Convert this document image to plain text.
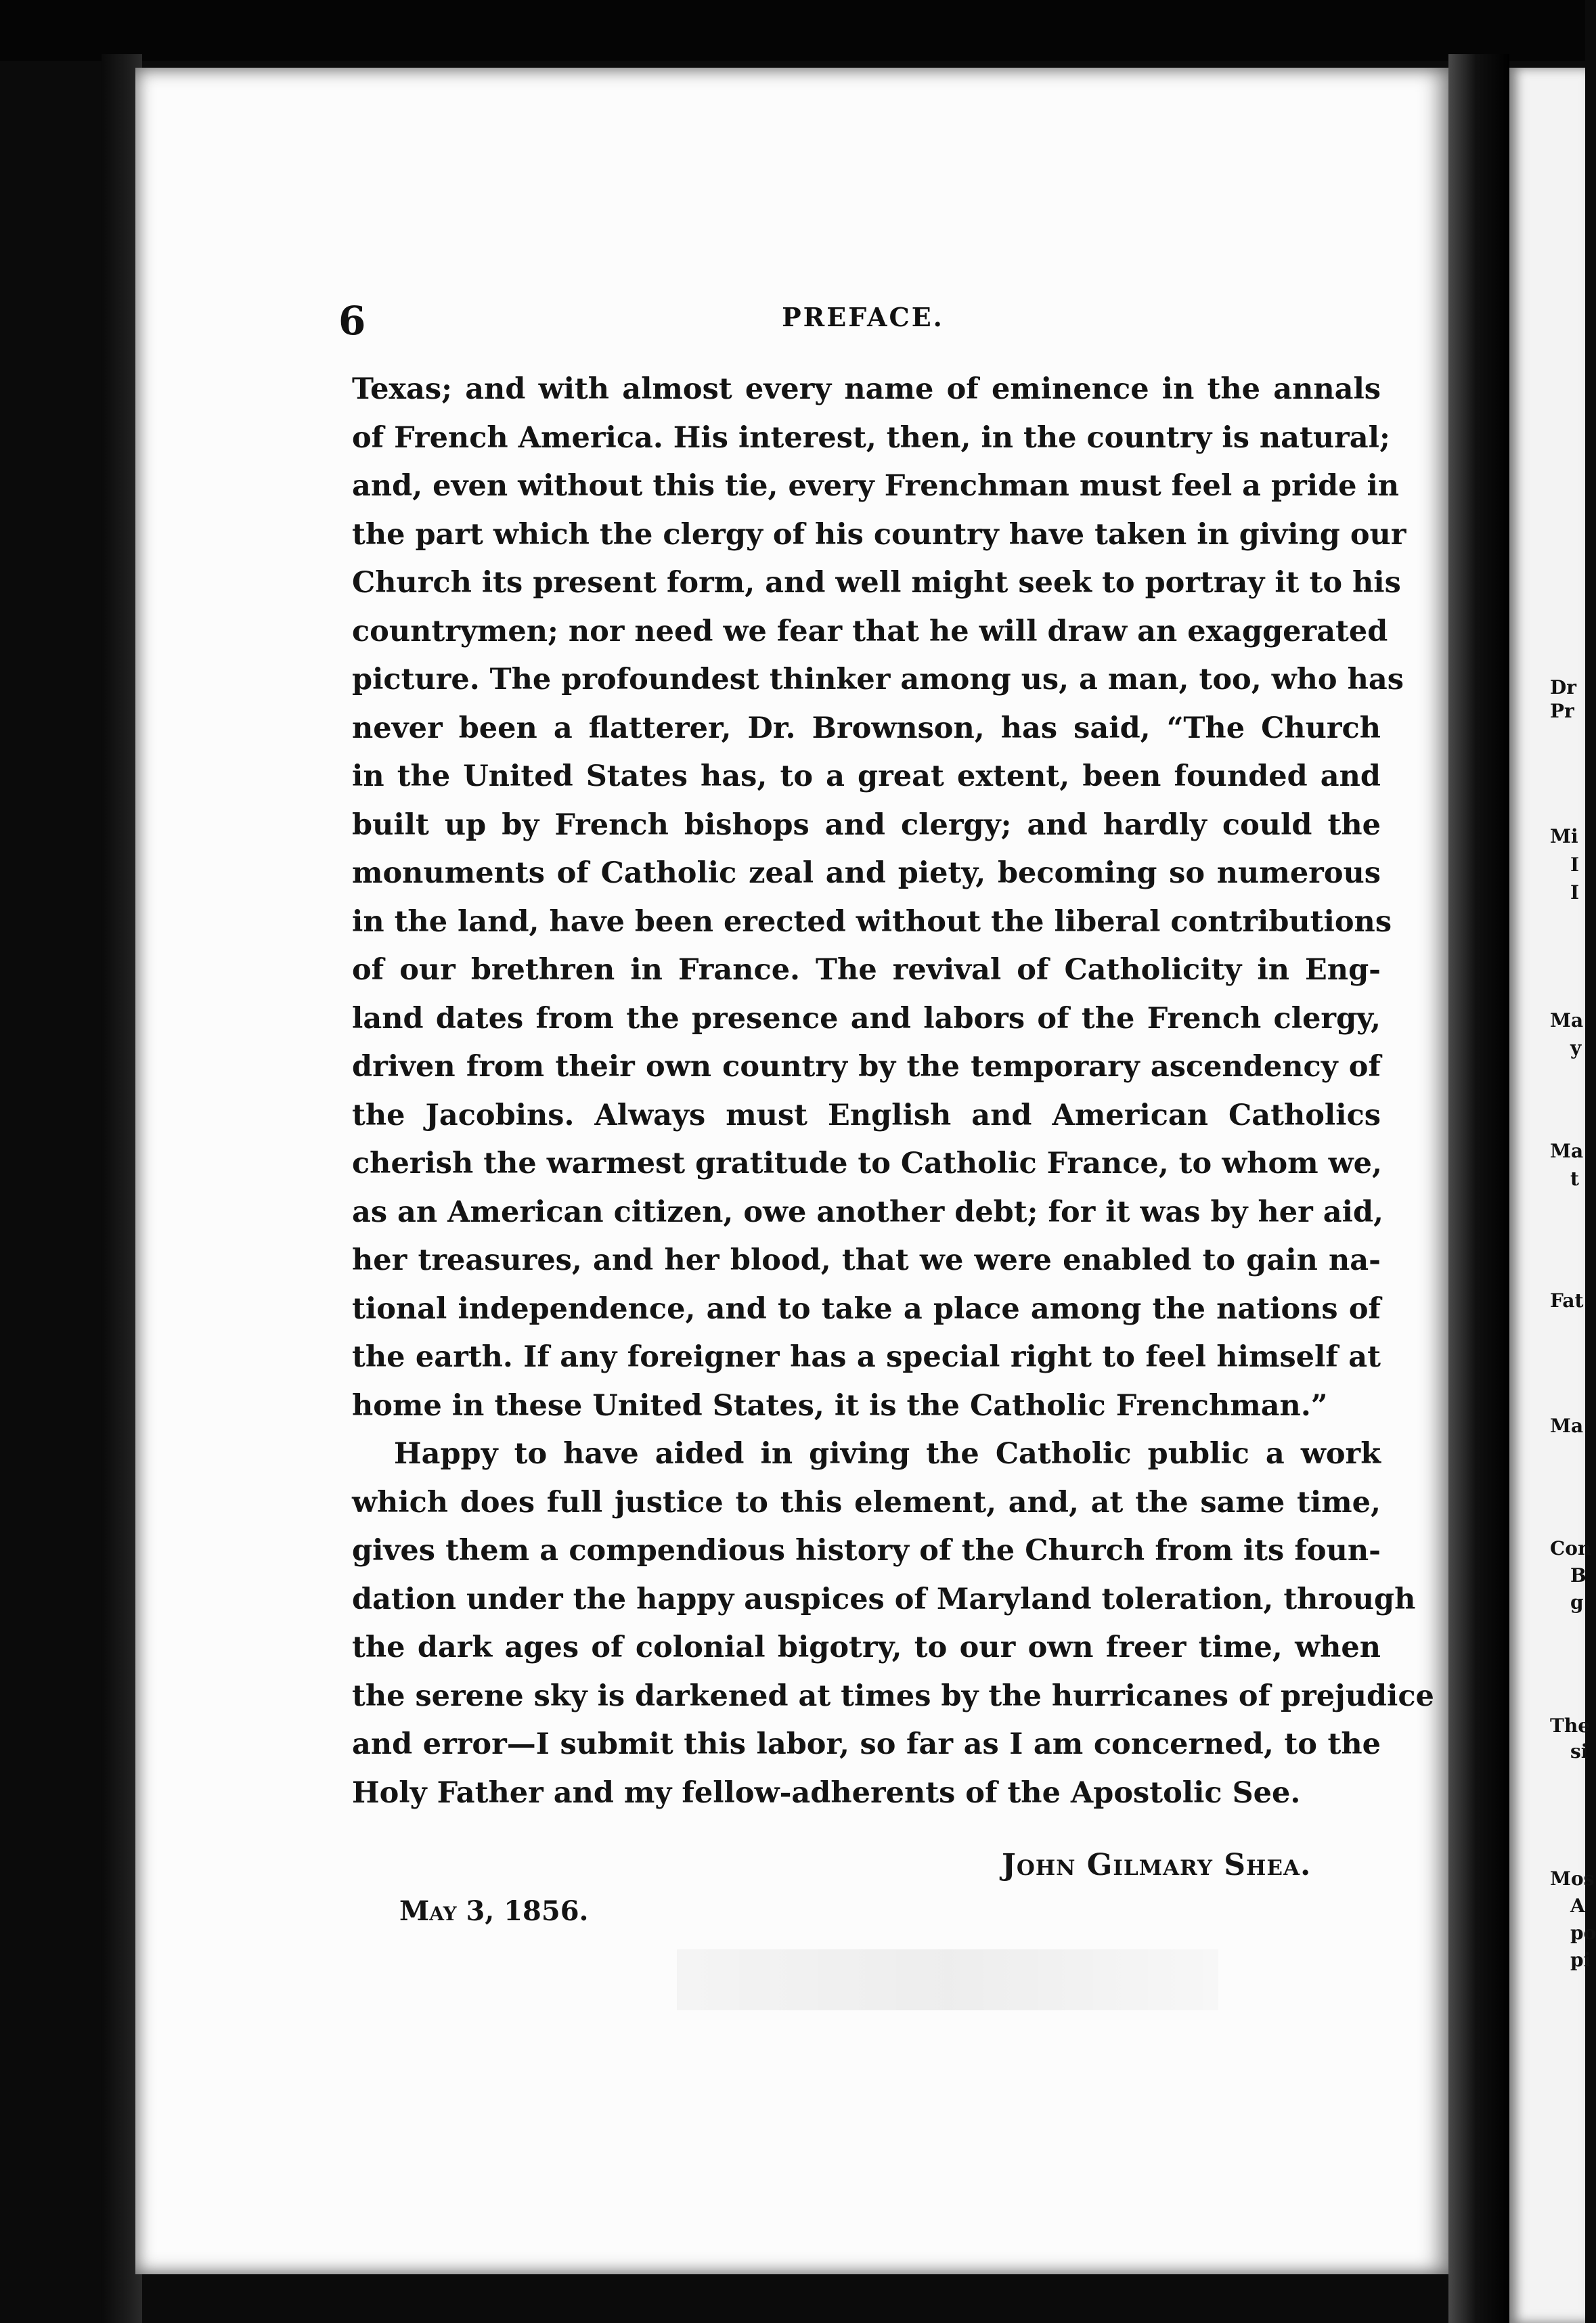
Dr
Pr
Mi
I
I
Ma
y
Ma
t
Fat
Ma
Con
B
g
The
si
Mos
A
po
pi
6	PREFACE.
Texas; and with almost every name of eminence in the annals
of French America. His interest, then, in the country is natural;
and, even without this tie, every Frenchman must feel a pride in
the part which the clergy of his country have taken in giving our
Church its present form, and well might seek to portray it to his
countrymen; nor need we fear that he will draw an exaggerated
picture. The profoundest thinker among us, a man, too, who has
never been a flatterer, Dr. Brownson, has said, “The Church
in the United States has, to a great extent, been founded and
built up by French bishops and clergy; and hardly could the
monuments of Catholic zeal and piety, becoming so numerous
in the land, have been erected without the liberal contributions
of our brethren in France. The revival of Catholicity in Eng-
land dates from the presence and labors of the French clergy,
driven from their own country by the temporary ascendency of
the Jacobins. Always must English and American Catholics
cherish the warmest gratitude to Catholic France, to whom we,
as an American citizen, owe another debt; for it was by her aid,
her treasures, and her blood, that we were enabled to gain na-
tional independence, and to take a place among the nations of
the earth. If any foreigner has a special right to feel himself at
home in these United States, it is the Catholic Frenchman.”
Happy to have aided in giving the Catholic public a work
which does full justice to this element, and, at the same time,
gives them a compendious history of the Church from its foun-
dation under the happy auspices of Maryland toleration, through
the dark ages of colonial bigotry, to our own freer time, when
the serene sky is darkened at times by the hurricanes of prejudice
and error—I submit this labor, so far as I am concerned, to the
Holy Father and my fellow-adherents of the Apostolic See.
John Gilmary Shea.
May 3, 1856.
